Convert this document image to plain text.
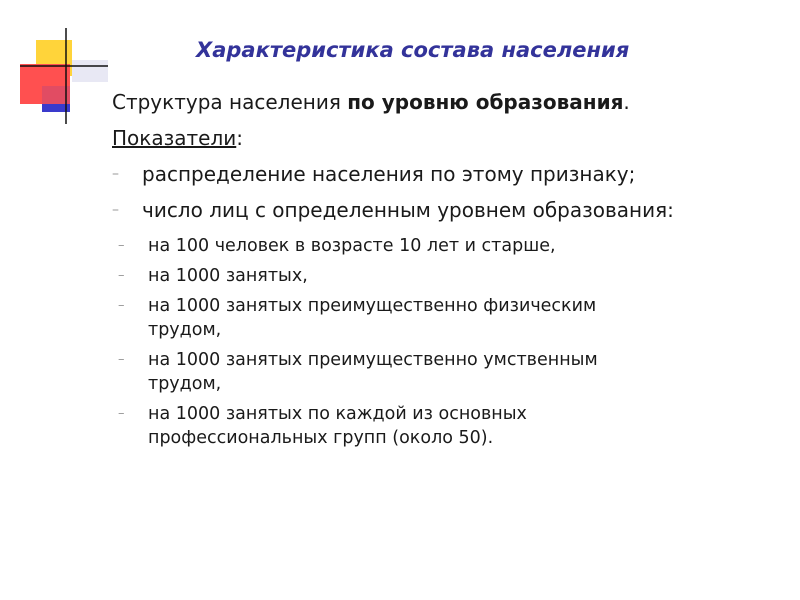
Характеристика состава населения
Структура населения по уровню образования.
Показатели:
– распределение населения по этому признаку;
– число лиц с определенным уровнем образования:
– на 100 человек в возрасте 10 лет и старше,
– на 1000 занятых,
– на 1000 занятых преимущественно физическим
трудом,
– на 1000 занятых преимущественно умственным
трудом,
– на 1000 занятых по каждой из основных
профессиональных групп (около 50).
